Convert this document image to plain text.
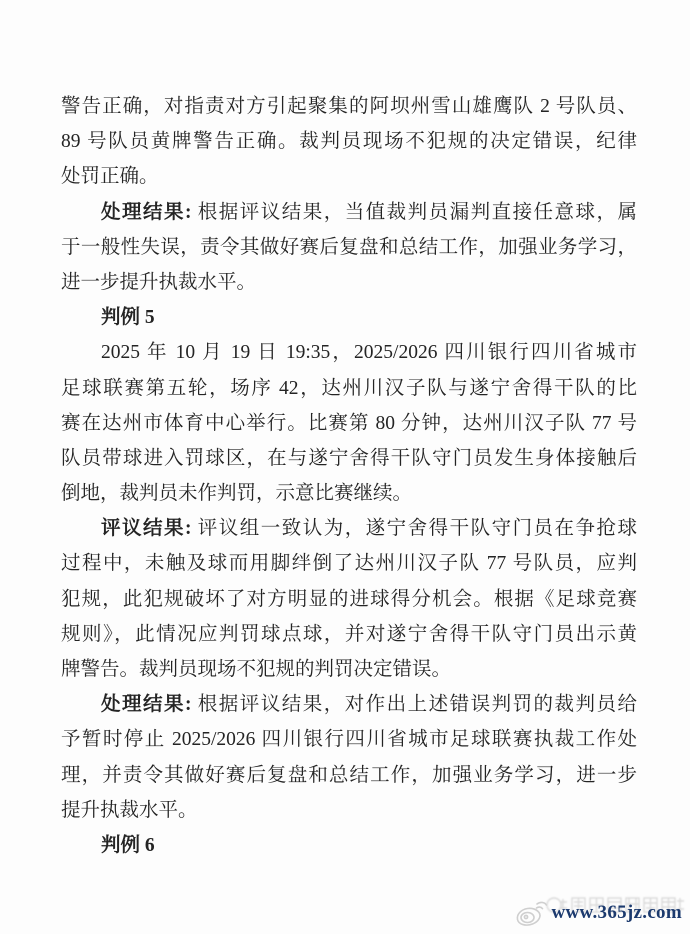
警告正确，对指责对方引起聚集的阿坝州雪山雄鹰队 2 号队员、
89 号队员黄牌警告正确。裁判员现场不犯规的决定错误，纪律
处罚正确。
处理结果: 根据评议结果，当值裁判员漏判直接任意球，属
于一般性失误，责令其做好赛后复盘和总结工作，加强业务学习，
进一步提升执裁水平。
判例 5
2025 年 10 月 19 日 19:35，2025/2026 四川银行四川省城市
足球联赛第五轮，场序 42，达州川汉子队与遂宁舍得干队的比
赛在达州市体育中心举行。比赛第 80 分钟，达州川汉子队 77 号
队员带球进入罚球区，在与遂宁舍得干队守门员发生身体接触后
倒地，裁判员未作判罚，示意比赛继续。
评议结果: 评议组一致认为，遂宁舍得干队守门员在争抢球
过程中，未触及球而用脚绊倒了达州川汉子队 77 号队员，应判
犯规，此犯规破坏了对方明显的进球得分机会。根据《足球竞赛
规则》，此情况应判罚球点球，并对遂宁舍得干队守门员出示黄
牌警告。裁判员现场不犯规的判罚决定错误。
处理结果: 根据评议结果，对作出上述错误判罚的裁判员给
予暂时停止 2025/2026 四川银行四川省城市足球联赛执裁工作处
理，并责令其做好赛后复盘和总结工作，加强业务学习，进一步
提升执裁水平。
判例 6
www.365jz.com
